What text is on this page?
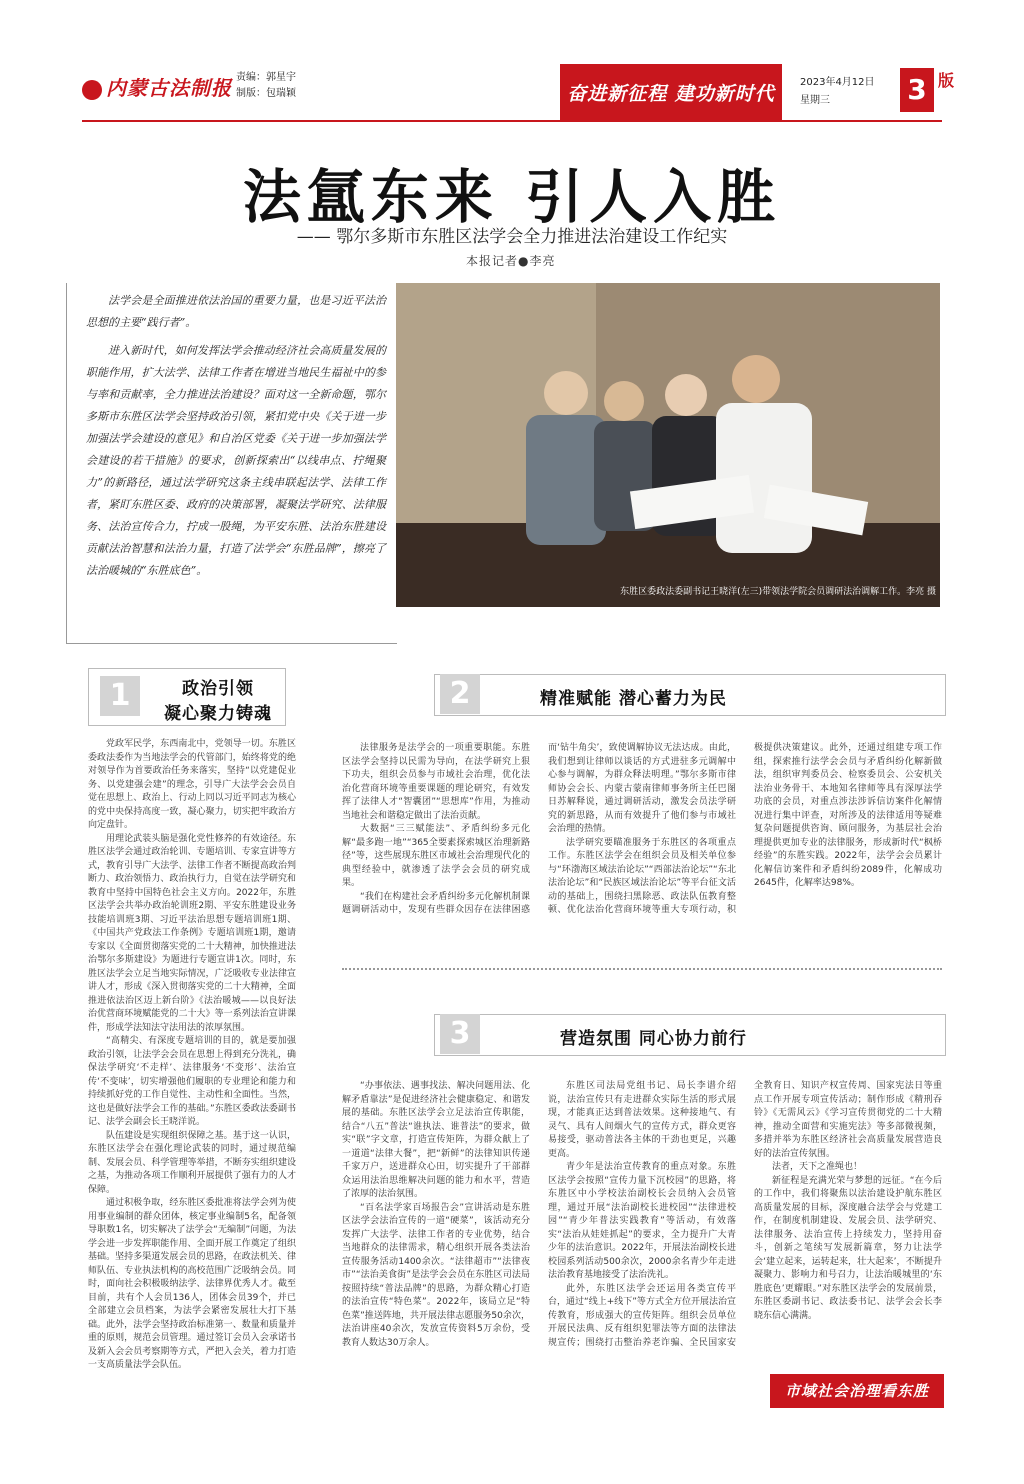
内蒙古法制报 责编：郭星宇
制版：包瑞颖	奋进新征程 建功新时代	2023年4月12日
星期三	3 版
法氲东来 引人入胜
—— 鄂尔多斯市东胜区法学会全力推进法治建设工作纪实
本报记者●李亮

法学会是全面推进依法治国的重要力量，也是习近平法治思想的主要“践行者”。

进入新时代，如何发挥法学会推动经济社会高质量发展的职能作用，扩大法学、法律工作者在增进当地民生福祉中的参与率和贡献率，全力推进法治建设？面对这一全新命题，鄂尔多斯市东胜区法学会坚持政治引领，紧扣党中央《关于进一步加强法学会建设的意见》和自治区党委《关于进一步加强法学会建设的若干措施》的要求，创新探索出“以线串点、拧绳聚力”的新路径，通过法学研究这条主线串联起法学、法律工作者，紧盯东胜区委、政府的决策部署，凝聚法学研究、法律服务、法治宣传合力，拧成一股绳，为平安东胜、法治东胜建设贡献法治智慧和法治力量，打造了法学会“东胜品牌”，擦亮了法治暖城的“东胜底色”。

东胜区委政法委副书记王晓洋(左三)带领法学院会员调研法治调解工作。李亮 摄
1	政治引领
凝心聚力铸魂

党政军民学，东西南北中，党领导一切。东胜区委政法委作为当地法学会的代管部门，始终将党的绝对领导作为首要政治任务来落实，坚持“以党建促业务、以党建强会建”的理念，引导广大法学会会员自觉在思想上、政治上、行动上同以习近平同志为核心的党中央保持高度一致，凝心聚力，切实把牢政治方向定盘针。

用理论武装头脑是强化党性修养的有效途径。东胜区法学会通过政治轮训、专题培训、专家宣讲等方式，教育引导广大法学、法律工作者不断提高政治判断力、政治领悟力、政治执行力，自觉在法学研究和教育中坚持中国特色社会主义方向。2022年，东胜区法学会共举办政治轮训班2期、平安东胜建设业务技能培训班3期、习近平法治思想专题培训班1期、《中国共产党政法工作条例》专题培训班1期，邀请专家以《全面贯彻落实党的二十大精神，加快推进法治鄂尔多斯建设》为题进行专题宣讲1次。同时，东胜区法学会立足当地实际情况，广泛吸收专业法律宣讲人才，形成《深入贯彻落实党的二十大精神，全面推进依法治区迈上新台阶》《法治暖城——以良好法治优营商环境赋能党的二十大》等一系列法治宣讲课件，形成学法知法守法用法的浓厚氛围。

“高精尖、有深度专题培训的目的，就是要加强政治引领，让法学会会员在思想上得到充分洗礼，确保法学研究‘不走样’、法律服务‘不变形’、法治宣传‘不变味’，切实增强他们履职的专业理论和能力和持续抓好党的工作自觉性、主动性和全面性。当然，这也是做好法学会工作的基础。”东胜区委政法委副书记、法学会副会长王晓洋说。

队伍建设是实现组织保障之基。基于这一认识，东胜区法学会在强化理论武装的同时，通过规范编制、发展会员、科学管理等举措，不断夯实组织建设之基，为推动各项工作顺利开展提供了强有力的人才保障。

通过积极争取，经东胜区委批准将法学会列为使用事业编制的群众团体，核定事业编制5名，配备领导职数1名，切实解决了法学会“无编制”问题，为法学会进一步发挥职能作用、全面开展工作奠定了组织基础。坚持多渠道发展会员的思路，在政法机关、律师队伍、专业执法机构的高校范围广泛吸纳会员。同时，面向社会积极吸纳法学、法律界优秀人才。截至目前，共有个人会员136人，团体会员39个，并已全部建立会员档案，为法学会紧密发展壮大打下基础。此外，法学会坚持政治标准第一、数量和质量并重的原则，规范会员管理。通过签订会员入会承诺书及新入会会员考察期等方式，严把入会关，着力打造一支高质量法学会队伍。

2	精准赋能 潜心蓄力为民

法律服务是法学会的一项重要职能。东胜区法学会坚持以民需为导向，在法学研究上狠下功夫，组织会员参与市域社会治理，优化法治化营商环境等重要课题的理论研究，有效发挥了法律人才“智囊团”“思想库”作用，为推动当地社会和谐稳定做出了法治贡献。

大数据“三三赋能法”、矛盾纠纷多元化解“最多跑一地”“365全要素探索城区治理新路径”等，这些展现东胜区市域社会治理现代化的典型经验中，就渗透了法学会会员的研究成果。

“我们在构建社会矛盾纠纷多元化解机制课题调研活动中，发现有些群众因存在法律困惑而‘钻牛角尖’，致使调解协议无法达成。由此，我们想到让律师以谈话的方式进驻多元调解中心参与调解，为群众释法明理。”鄂尔多斯市律师协会会长、内蒙古蒙南律师事务所主任巴图日苏解释说，通过调研活动，激发会员法学研究的新思路，从而有效提升了他们参与市域社会治理的热情。

法学研究要瞄准服务于东胜区的各项重点工作。东胜区法学会在组织会员及相关单位参与“环渤海区域法治论坛”“西部法治论坛”“东北法治论坛”和“民族区域法治论坛”等平台征文活动的基础上，围绕扫黑除恶、政法队伍教育整顿、优化法治化营商环境等重大专项行动，积极提供决策建议。此外，还通过组建专项工作组，探索推行法学会会员与矛盾纠纷化解新做法，组织审判委员会、检察委员会、公安机关法治业务骨干、本地知名律师等具有深厚法学功底的会员，对重点涉法涉诉信访案件化解情况进行集中评查，对所涉及的法律适用等疑难复杂问题提供咨询、顾问服务，为基层社会治理提供更加专业的法律服务，形成新时代“枫桥经验”的东胜实践。2022年，法学会会员累计化解信访案件和矛盾纠纷2089件，化解成功2645件，化解率达98%。

3	营造氛围 同心协力前行

“办事依法、遇事找法、解决问题用法、化解矛盾靠法”是促进经济社会健康稳定、和谐发展的基础。东胜区法学会立足法治宣传职能，结合“八五”普法“谁执法、谁普法”的要求，做实“联”字文章，打造宣传矩阵，为群众献上了一道道“法律大餐”，把“新鲜”的法律知识传递千家万户，送进群众心田，切实提升了干部群众运用法治思维解决问题的能力和水平，营造了浓厚的法治氛围。

“百名法学家百场报告会”宣讲活动是东胜区法学会法治宣传的一道“硬菜”，该活动充分发挥广大法学、法律工作者的专业优势，结合当地群众的法律需求，精心组织开展各类法治宣传服务活动1400余次。“法律超市”“法律夜市”“法治美食街”是法学会会员在东胜区司法局按照持续“普法品牌”的思路，为群众精心打造的法治宣传“特色菜”。2022年，该局立足“特色菜”推送阵地，共开展法律志愿服务50余次，法治讲座40余次，发放宣传资料5万余份，受教育人数达30万余人。

东胜区司法局党组书记、局长李谱介绍说，法治宣传只有走进群众实际生活的形式展现，才能真正达到普法效果。这种接地气、有灵气、具有人间烟火气的宣传方式，群众更容易接受，驱动普法各主体的干劲也更足，兴趣更高。

青少年是法治宣传教育的重点对象。东胜区法学会按照“宣传力量下沉校园”的思路，将东胜区中小学校法治副校长会员纳入会员管理，通过开展“法治副校长进校园”“法律进校园”“青少年普法实践教育”等活动，有效落实“法治从娃娃抓起”的要求，全力提升广大青少年的法治意识。2022年，开展法治副校长进校园系列活动500余次，2000余名青少年走进法治教育基地接受了法治洗礼。

此外，东胜区法学会还运用各类宣传平台，通过“线上+线下”等方式全方位开展法治宣传教育，形成强大的宣传矩阵。组织会员单位开展民法典、反有组织犯罪法等方面的法律法规宣传；围绕打击整治养老诈骗、全民国家安全教育日、知识产权宣传周、国家宪法日等重点工作开展专项宣传活动；制作形成《精刑吞铃》《无需风云》《学习宣传贯彻党的二十大精神，推动全面营和实施宪法》等多部微视频，多措并举为东胜区经济社会高质量发展营造良好的法治宣传氛围。

法者，天下之准绳也！

新征程是充满光荣与梦想的远征。“在今后的工作中，我们将聚焦以法治建设护航东胜区高质量发展的目标，深度融合法学会与党建工作，在制度机制建设、发展会员、法学研究、法律服务、法治宣传上持续发力，坚持用奋斗，创新之笔续写发展新篇章，努力让法学会‘建立起来，运转起来，壮大起来’，不断提升凝聚力、影响力和号召力，让法治暖城里的‘东胜底色’更耀眼。”对东胜区法学会的发展前景，东胜区委副书记、政法委书记、法学会会长李晓东信心满满。

市域社会治理看东胜
